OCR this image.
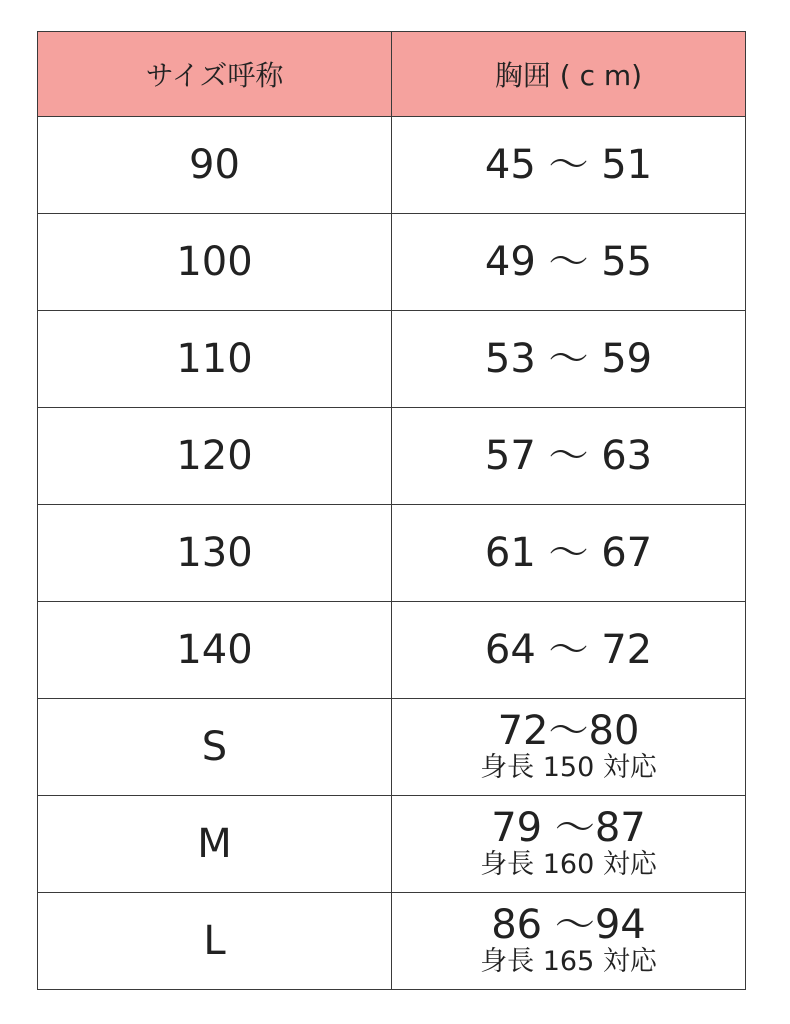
サイズ呼称	胸囲 ( c m)
90	45 ～ 51

100	49 ～ 55

110	53 ～ 59

120	57 ～ 63

130	61 ～ 67

140	64 ～ 72

S	72～80
身長 150 対応

M	79 ～87
身長 160 対応

L	86 ～94
身長 165 対応
